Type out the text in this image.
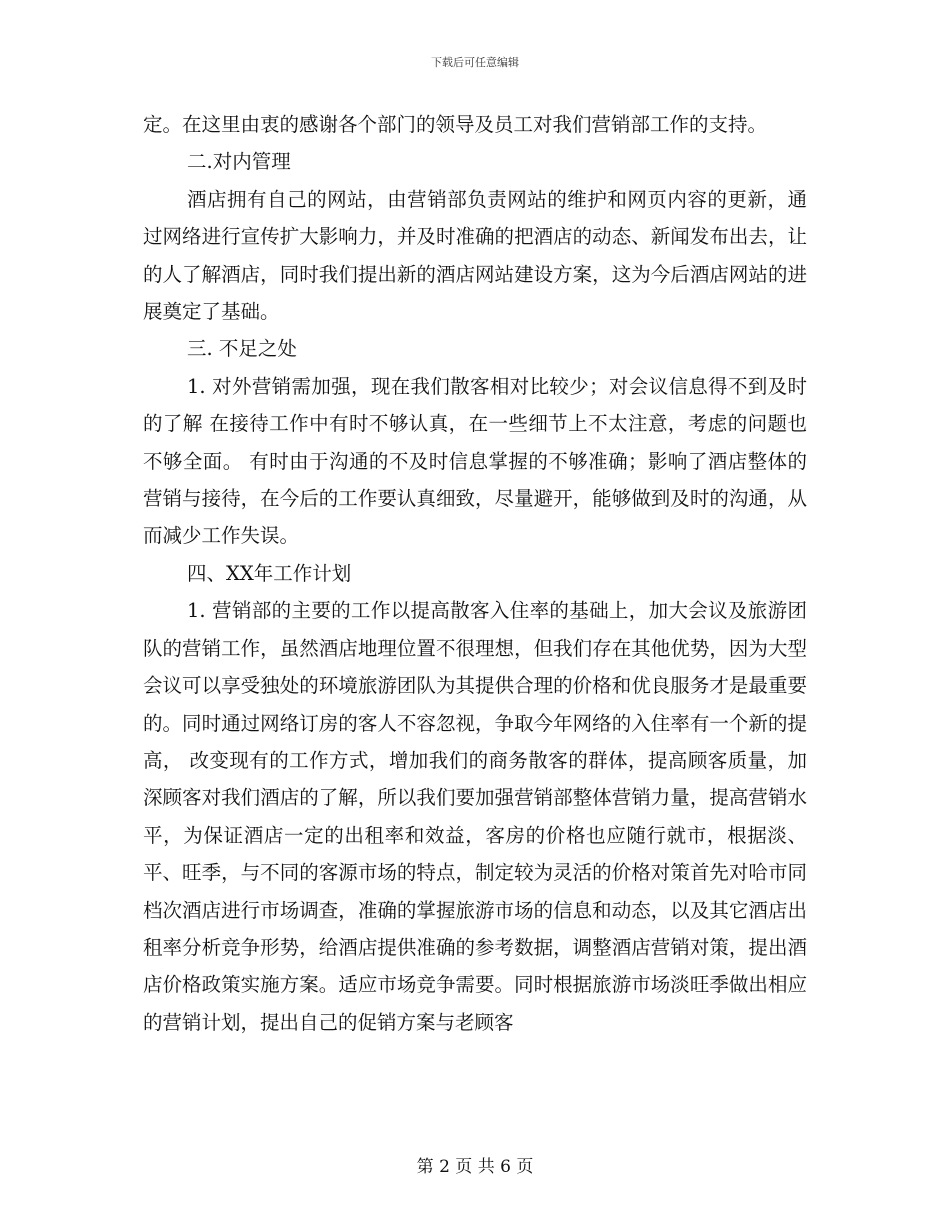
下载后可任意编辑

定。在这里由衷的感谢各个部门的领导及员工对我们营销部工作的支持。

二.对内管理

酒店拥有自己的网站，由营销部负责网站的维护和网页内容的更新，通过网络进行宣传扩大影响力，并及时准确的把酒店的动态、新闻发布出去，让的人了解酒店，同时我们提出新的酒店网站建设方案，这为今后酒店网站的进展奠定了基础。

三. 不足之处

1. 对外营销需加强，现在我们散客相对比较少；对会议信息得不到及时的了解 在接待工作中有时不够认真，在一些细节上不太注意，考虑的问题也不够全面。 有时由于沟通的不及时信息掌握的不够准确；影响了酒店整体的营销与接待，在今后的工作要认真细致，尽量避开，能够做到及时的沟通，从而减少工作失误。

四、XX年工作计划

1. 营销部的主要的工作以提高散客入住率的基础上，加大会议及旅游团队的营销工作，虽然酒店地理位置不很理想，但我们存在其他优势，因为大型会议可以享受独处的环境旅游团队为其提供合理的价格和优良服务才是最重要的。同时通过网络订房的客人不容忽视，争取今年网络的入住率有一个新的提高， 改变现有的工作方式，增加我们的商务散客的群体，提高顾客质量，加深顾客对我们酒店的了解，所以我们要加强营销部整体营销力量，提高营销水平，为保证酒店一定的出租率和效益，客房的价格也应随行就市，根据淡、平、旺季，与不同的客源市场的特点，制定较为灵活的价格对策首先对哈市同档次酒店进行市场调查，准确的掌握旅游市场的信息和动态，以及其它酒店出租率分析竞争形势，给酒店提供准确的参考数据，调整酒店营销对策，提出酒店价格政策实施方案。适应市场竞争需要。同时根据旅游市场淡旺季做出相应的营销计划，提出自己的促销方案与老顾客

第 2 页 共 6 页
